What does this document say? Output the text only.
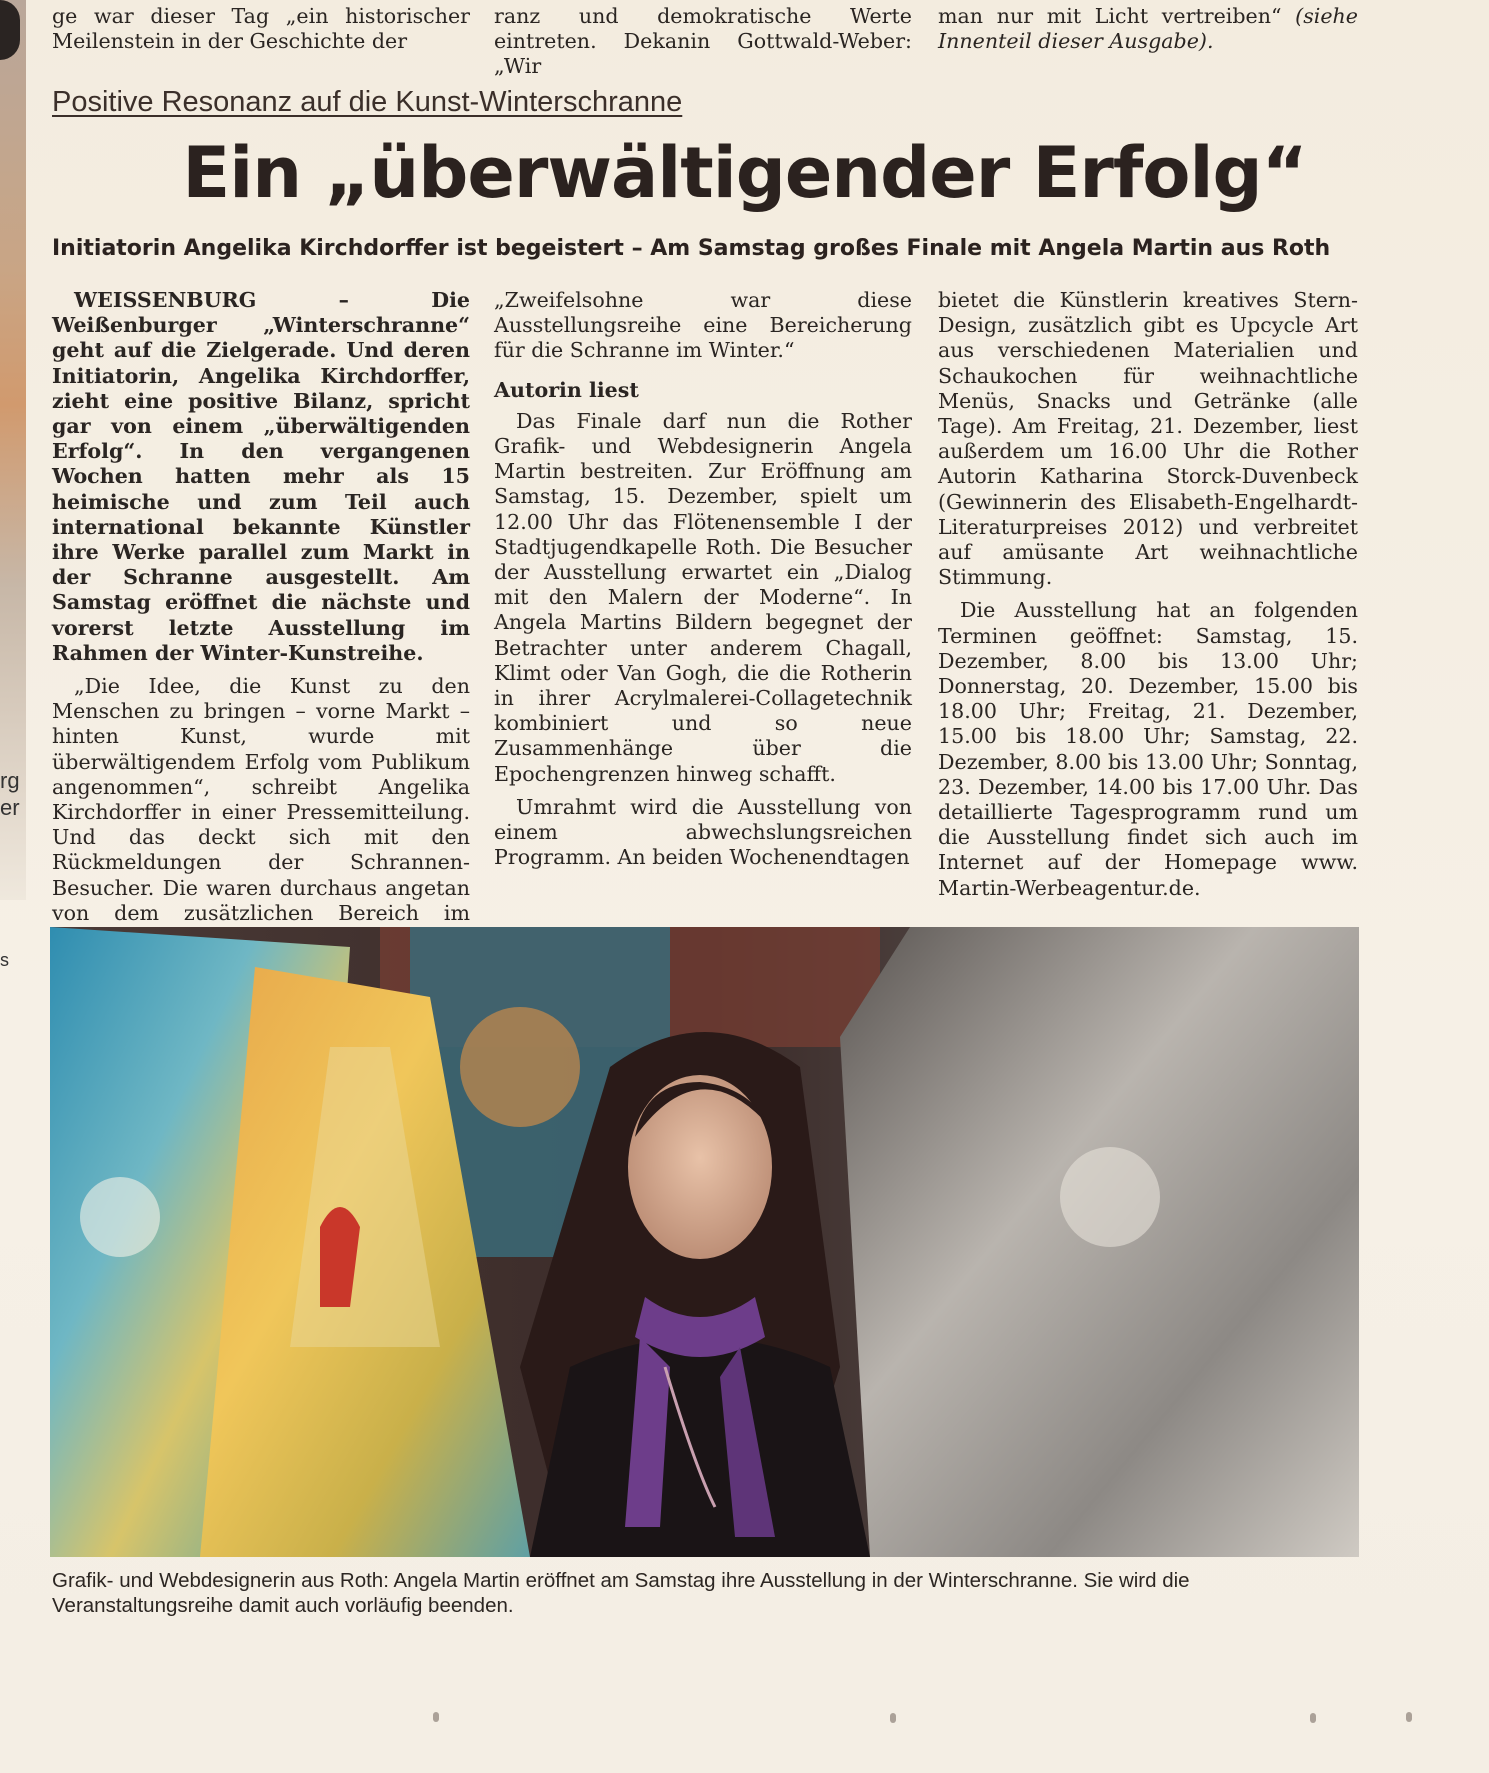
rg
er
s
ge war dieser Tag „ein historischer Meilenstein in der Geschichte der
ranz und demokratische Werte eintreten. Dekanin Gottwald-Weber: „Wir
man nur mit Licht vertreiben“ (siehe Innenteil dieser Ausgabe).
Positive Resonanz auf die Kunst-Winterschranne
Ein „überwältigender Erfolg“
Initiatorin Angelika Kirchdorffer ist begeistert – Am Samstag großes Finale mit Angela Martin aus Roth

WEISSENBURG – Die Weißenburger „Winterschranne“ geht auf die Zielgerade. Und deren Initiatorin, Angelika Kirchdorffer, zieht eine positive Bilanz, spricht gar von einem „überwältigenden Erfolg“. In den vergangenen Wochen hatten mehr als 15 heimische und zum Teil auch international bekannte Künstler ihre Werke parallel zum Markt in der Schranne ausgestellt. Am Samstag eröffnet die nächste und vorerst letzte Ausstellung im Rahmen der Winter-Kunstreihe.

„Die Idee, die Kunst zu den Menschen zu bringen – vorne Markt – hinten Kunst, wurde mit überwältigendem Erfolg vom Publikum angenommen“, schreibt Angelika Kirchdorffer in einer Pressemitteilung. Und das deckt sich mit den Rückmeldungen der Schrannen-Besucher. Die waren durchaus angetan von dem zusätzlichen Bereich im

„Zweifelsohne war diese Ausstellungsreihe eine Bereicherung für die Schranne im Winter.“

Autorin liest

Das Finale darf nun die Rother Grafik- und Webdesignerin Angela Martin bestreiten. Zur Eröffnung am Samstag, 15. Dezember, spielt um 12.00 Uhr das Flötenensemble I der Stadtjugendkapelle Roth. Die Besucher der Ausstellung erwartet ein „Dialog mit den Malern der Moderne“. In Angela Martins Bildern begegnet der Betrachter unter anderem Chagall, Klimt oder Van Gogh, die die Rotherin in ihrer Acrylmalerei-Collagetechnik kombiniert und so neue Zusammenhänge über die Epochengrenzen hinweg schafft.

Umrahmt wird die Ausstellung von einem abwechslungsreichen Programm. An beiden Wochenendtagen

bietet die Künstlerin kreatives Stern-Design, zusätzlich gibt es Upcycle Art aus verschiedenen Materialien und Schaukochen für weihnachtliche Menüs, Snacks und Getränke (alle Tage). Am Freitag, 21. Dezember, liest außerdem um 16.00 Uhr die Rother Autorin Katharina Storck-Duvenbeck (Gewinnerin des Elisabeth-Engelhardt-Literaturpreises 2012) und verbreitet auf amüsante Art weihnachtliche Stimmung.

Die Ausstellung hat an folgenden Terminen geöffnet: Samstag, 15. Dezember, 8.00 bis 13.00 Uhr; Donnerstag, 20. Dezember, 15.00 bis 18.00 Uhr; Freitag, 21. Dezember, 15.00 bis 18.00 Uhr; Samstag, 22. Dezember, 8.00 bis 13.00 Uhr; Sonntag, 23. Dezember, 14.00 bis 17.00 Uhr. Das detaillierte Tagesprogramm rund um die Ausstellung findet sich auch im Internet auf der Homepage www. Martin-Werbeagentur.de.

Grafik- und Webdesignerin aus Roth: Angela Martin eröffnet am Samstag ihre Ausstellung in der Winterschranne. Sie wird die Veranstaltungsreihe damit auch vorläufig beenden.
